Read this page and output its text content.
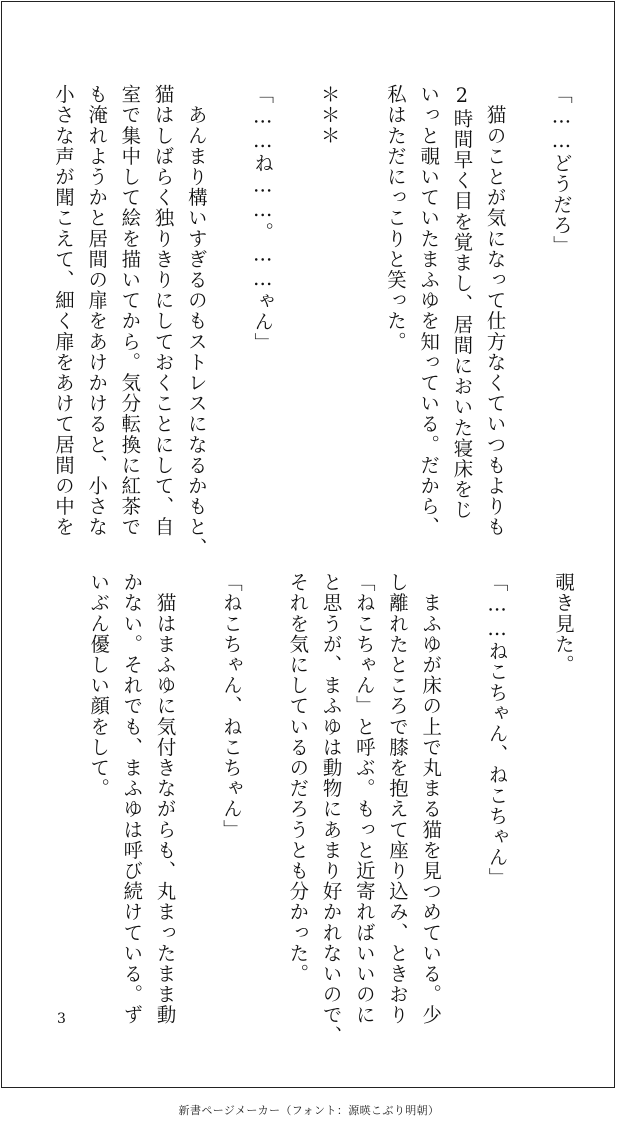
「……どうだろ」

　猫のことが気になって仕方なくていつもよりも

2時間早く目を覚まし、居間においた寝床をじ

いっと覗いていたまふゆを知っている。だから、

私はただにっこりと笑った。

＊＊＊

「……ね……。……ゃん」

　あんまり構いすぎるのもストレスになるかもと、

猫はしばらく独りきりにしておくことにして、自

室で集中して絵を描いてから。気分転換に紅茶で

も淹れようかと居間の扉をあけかけると、小さな

小さな声が聞こえて、細く扉をあけて居間の中を

覗き見た。

「……ねこちゃん、ねこちゃん」

　まふゆが床の上で丸まる猫を見つめている。少

し離れたところで膝を抱えて座り込み、ときおり

「ねこちゃん」と呼ぶ。もっと近寄ればいいのに

と思うが、まふゆは動物にあまり好かれないので、

それを気にしているのだろうとも分かった。

「ねこちゃん、ねこちゃん」

　猫はまふゆに気付きながらも、丸まったまま動

かない。それでも、まふゆは呼び続けている。ず

いぶん優しい顔をして。

3
新書ページメーカー（フォント：源暎こぶり明朝）
